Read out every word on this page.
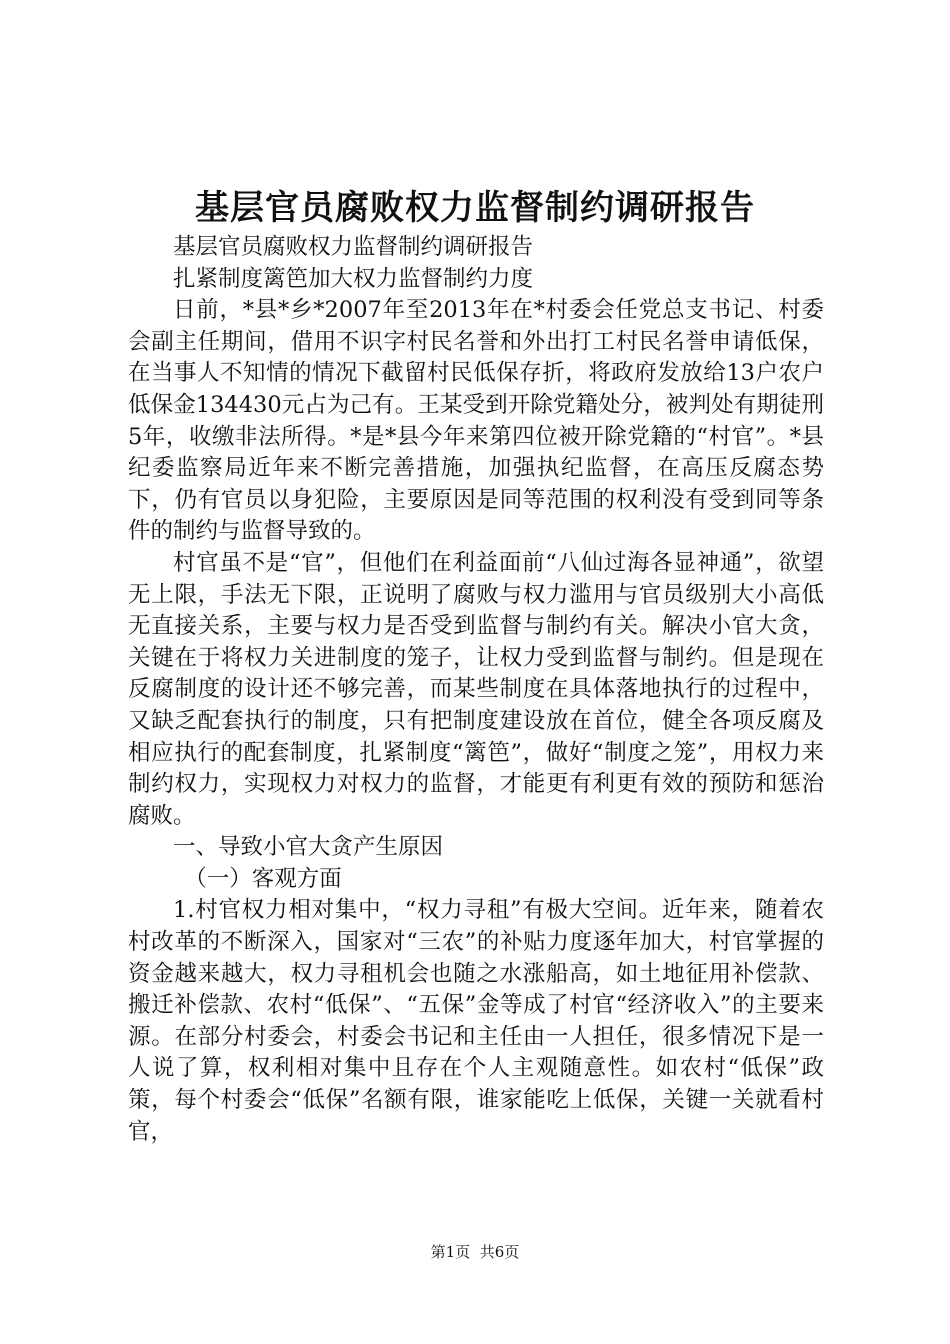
基层官员腐败权力监督制约调研报告

基层官员腐败权力监督制约调研报告

扎紧制度篱笆加大权力监督制约力度

日前，*县*乡*2007年至2013年在*村委会任党总支书记、村委会副主任期间，借用不识字村民名誉和外出打工村民名誉申请低保，在当事人不知情的情况下截留村民低保存折，将政府发放给13户农户低保金134430元占为己有。王某受到开除党籍处分，被判处有期徒刑5年，收缴非法所得。*是*县今年来第四位被开除党籍的“村官”。*县纪委监察局近年来不断完善措施，加强执纪监督，在高压反腐态势下，仍有官员以身犯险，主要原因是同等范围的权利没有受到同等条件的制约与监督导致的。

村官虽不是“官”，但他们在利益面前“八仙过海各显神通”，欲望无上限，手法无下限，正说明了腐败与权力滥用与官员级别大小高低无直接关系，主要与权力是否受到监督与制约有关。解决小官大贪，关键在于将权力关进制度的笼子，让权力受到监督与制约。但是现在反腐制度的设计还不够完善，而某些制度在具体落地执行的过程中，又缺乏配套执行的制度，只有把制度建设放在首位，健全各项反腐及相应执行的配套制度，扎紧制度“篱笆”，做好“制度之笼”，用权力来制约权力，实现权力对权力的监督，才能更有利更有效的预防和惩治腐败。

一、导致小官大贪产生原因

（一）客观方面

1.村官权力相对集中，“权力寻租”有极大空间。近年来，随着农村改革的不断深入，国家对“三农”的补贴力度逐年加大，村官掌握的资金越来越大，权力寻租机会也随之水涨船高，如土地征用补偿款、搬迁补偿款、农村“低保”、“五保”金等成了村官“经济收入”的主要来源。在部分村委会，村委会书记和主任由一人担任，很多情况下是一人说了算，权利相对集中且存在个人主观随意性。如农村“低保”政策，每个村委会“低保”名额有限，谁家能吃上低保，关键一关就看村官，

第1页 共6页
